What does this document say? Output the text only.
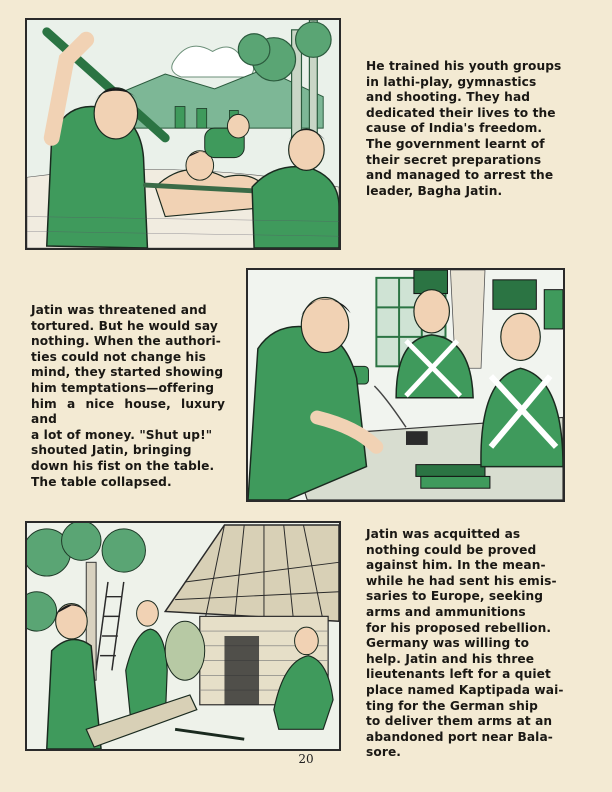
He trained his youth groups
in lathi-play, gymnastics
and shooting. They had
dedicated their lives to the
cause of India's freedom.
The government learnt of
their secret preparations
and managed to arrest the
leader, Bagha Jatin.
Jatin was threatened and
tortured. But he would say
nothing. When the authori-
ties could not change his
mind, they started showing
him temptations—offering
him a nice house, luxury and
a lot of money. "Shut up!"
shouted Jatin, bringing
down his fist on the table.
The table collapsed.
Jatin was acquitted as
nothing could be proved
against him. In the mean-
while he had sent his emis-
saries to Europe, seeking
arms and ammunitions
for his proposed rebellion.
Germany was willing to
help. Jatin and his three
lieutenants left for a quiet
place named Kaptipada wai-
ting for the German ship
to deliver them arms at an
abandoned port near Bala-
sore.
20
